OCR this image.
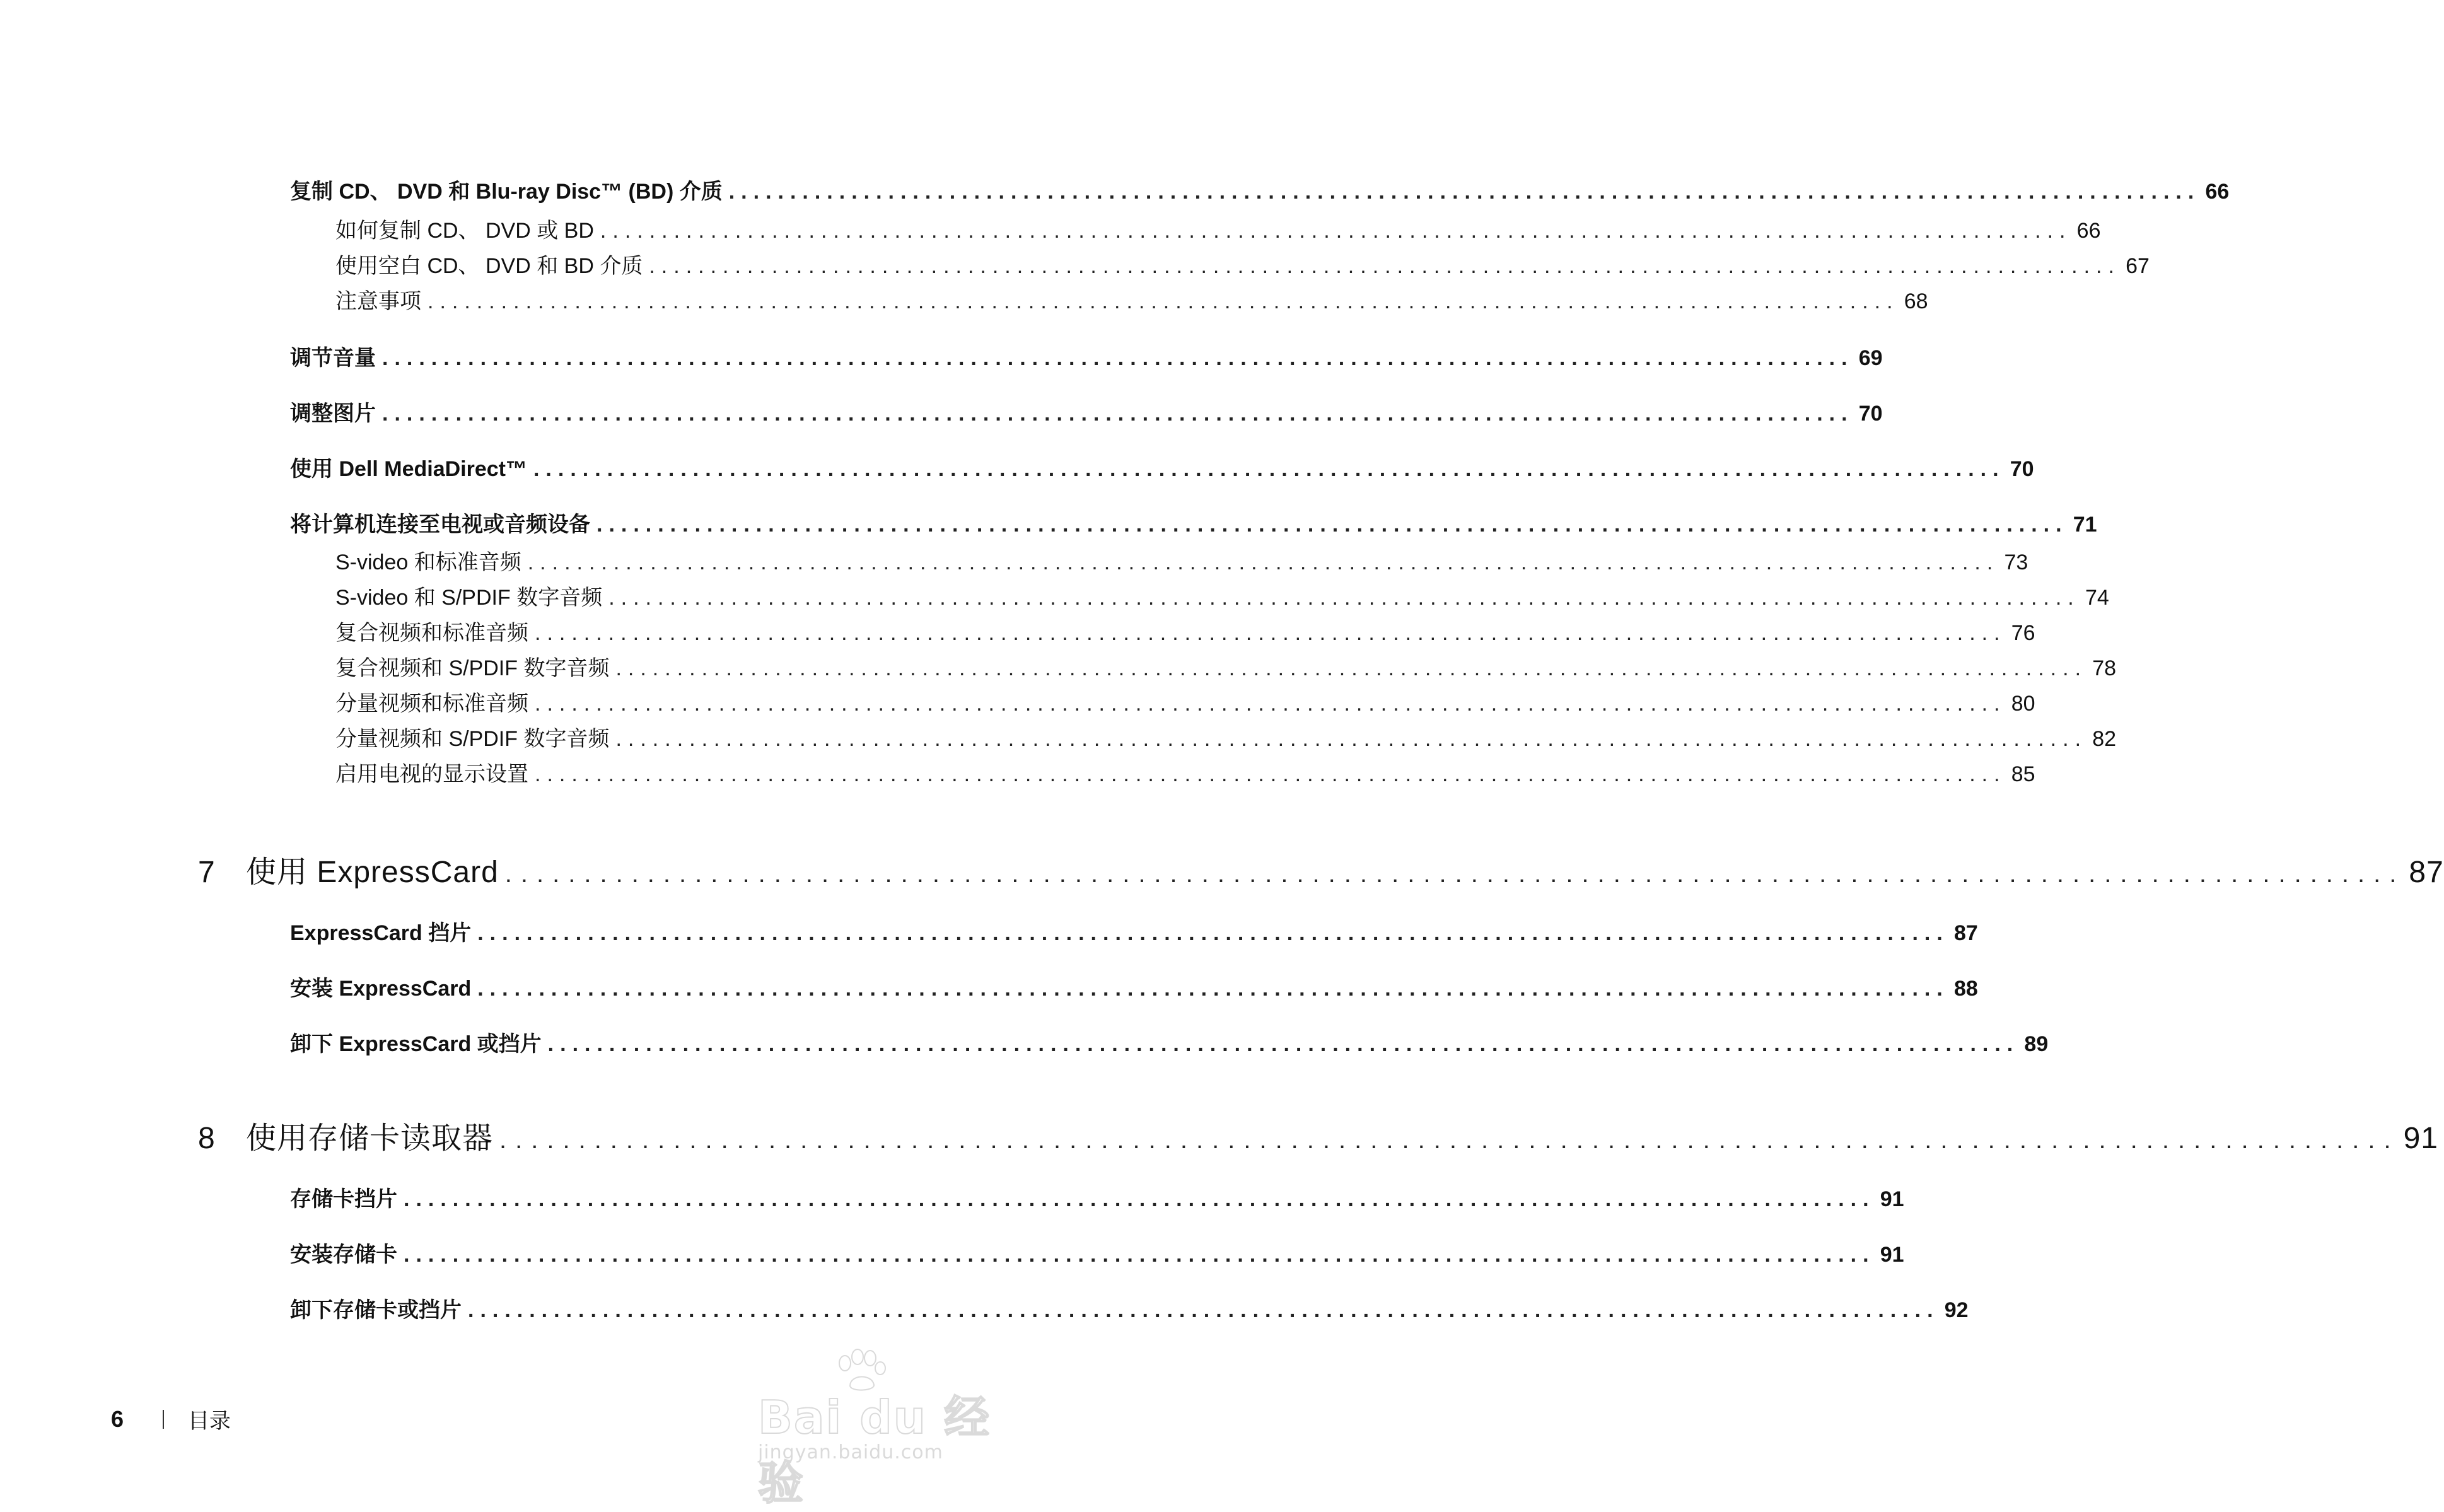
复制 CD、 DVD 和 Blu-ray Disc™ (BD) 介质 ........................................................................................................................ 66
如何复制 CD、 DVD 或 BD ........................................................................................................................ 66
使用空白 CD、 DVD 和 BD 介质 ........................................................................................................................ 67
注意事项 ........................................................................................................................ 68
调节音量 ........................................................................................................................ 69
调整图片 ........................................................................................................................ 70
使用 Dell MediaDirect™ ........................................................................................................................ 70
将计算机连接至电视或音频设备 ........................................................................................................................ 71
S-video 和标准音频 ........................................................................................................................ 73
S-video 和 S/PDIF 数字音频 ........................................................................................................................ 74
复合视频和标准音频 ........................................................................................................................ 76
复合视频和 S/PDIF 数字音频 ........................................................................................................................ 78
分量视频和标准音频 ........................................................................................................................ 80
分量视频和 S/PDIF 数字音频 ........................................................................................................................ 82
启用电视的显示设置 ........................................................................................................................ 85
7	使用 ExpressCard ........................................................................................................................ 87
ExpressCard 挡片 ........................................................................................................................ 87
安装 ExpressCard ........................................................................................................................ 88
卸下 ExpressCard 或挡片 ........................................................................................................................ 89
8	使用存储卡读取器 ........................................................................................................................ 91
存储卡挡片 ........................................................................................................................ 91
安装存储卡 ........................................................................................................................ 91
卸下存储卡或挡片 ........................................................................................................................ 92
6	目录	Bai du 经验
jingyan.baidu.com
